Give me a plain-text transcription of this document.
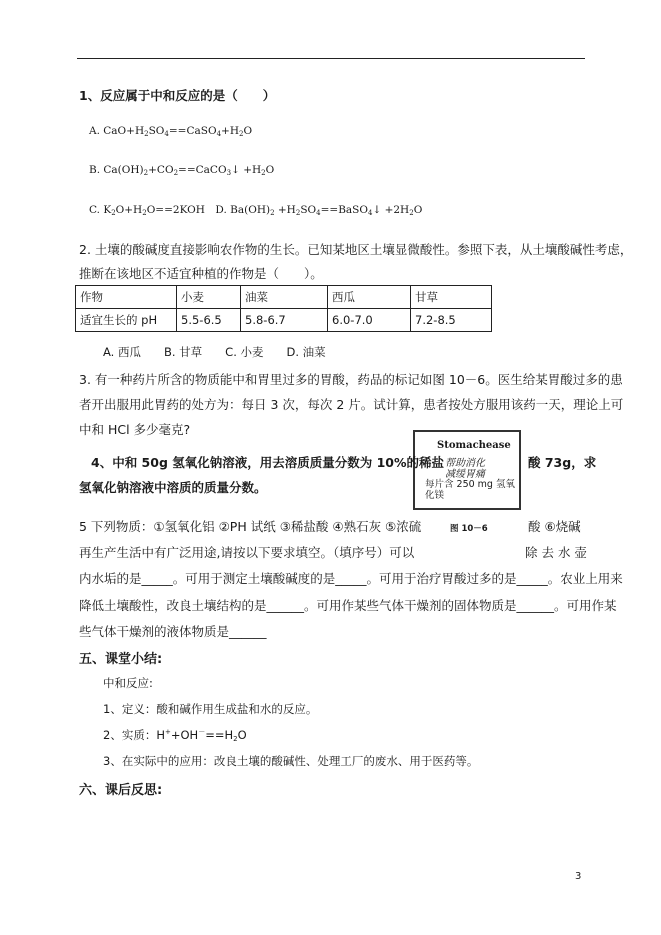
1、反应属于中和反应的是（　　）
A. $CaO+H_2SO_4==CaSO_4+H_2O$
B. $Ca(OH)_2+CO_2==CaCO_3↓ +H_2O$
C. $K_2O+H_2O==2KOH$　D. $Ba(OH)_2$ $+H_2SO_4==BaSO_4↓ +2H_2O$
2. 土壤的酸碱度直接影响农作物的生长。已知某地区土壤显微酸性。参照下表，从土壤酸碱性考虑，
推断在该地区不适宜种植的作物是（　　）。
作物	小麦	油菜	西瓜	甘草
适宜生长的 pH	5.5-6.5	5.8-6.7	6.0-7.0	7.2-8.5
A. 西瓜　　B. 甘草　　C. 小麦　　D. 油菜
3. 有一种药片所含的物质能中和胃里过多的胃酸，药品的标记如图 10－6。医生给某胃酸过多的患
者开出服用此胃药的处方为：每日 3 次，每次 2 片。试计算，患者按处方服用该药一天，理论上可
中和 HCl 多少毫克?
Stomachease
帮助消化
减缓胃痛
每片含 250 mg 氢氧
化镁
图 10－6
4、中和 50g 氢氧化钠溶液，用去溶质质量分数为 10%的稀盐	酸 73g，求
氢氧化钠溶液中溶质的质量分数。
5 下列物质：①氢氧化铝 ②PH 试纸 ③稀盐酸 ④熟石灰 ⑤浓硫	酸 ⑥烧碱
再生产生活中有广泛用途,请按以下要求填空。（填序号）可以	除 去 水 壶
内水垢的是_____。可用于测定土壤酸碱度的是_____。可用于治疗胃酸过多的是_____。农业上用来
降低土壤酸性，改良土壤结构的是______。可用作某些气体干燥剂的固体物质是______。可用作某
些气体干燥剂的液体物质是______
五、课堂小结:
中和反应:
1、定义：酸和碱作用生成盐和水的反应。
2、实质：$H^++OH^-==H_2O$
3、在实际中的应用：改良土壤的酸碱性、处理工厂的废水、用于医药等。
六、课后反思:
3
